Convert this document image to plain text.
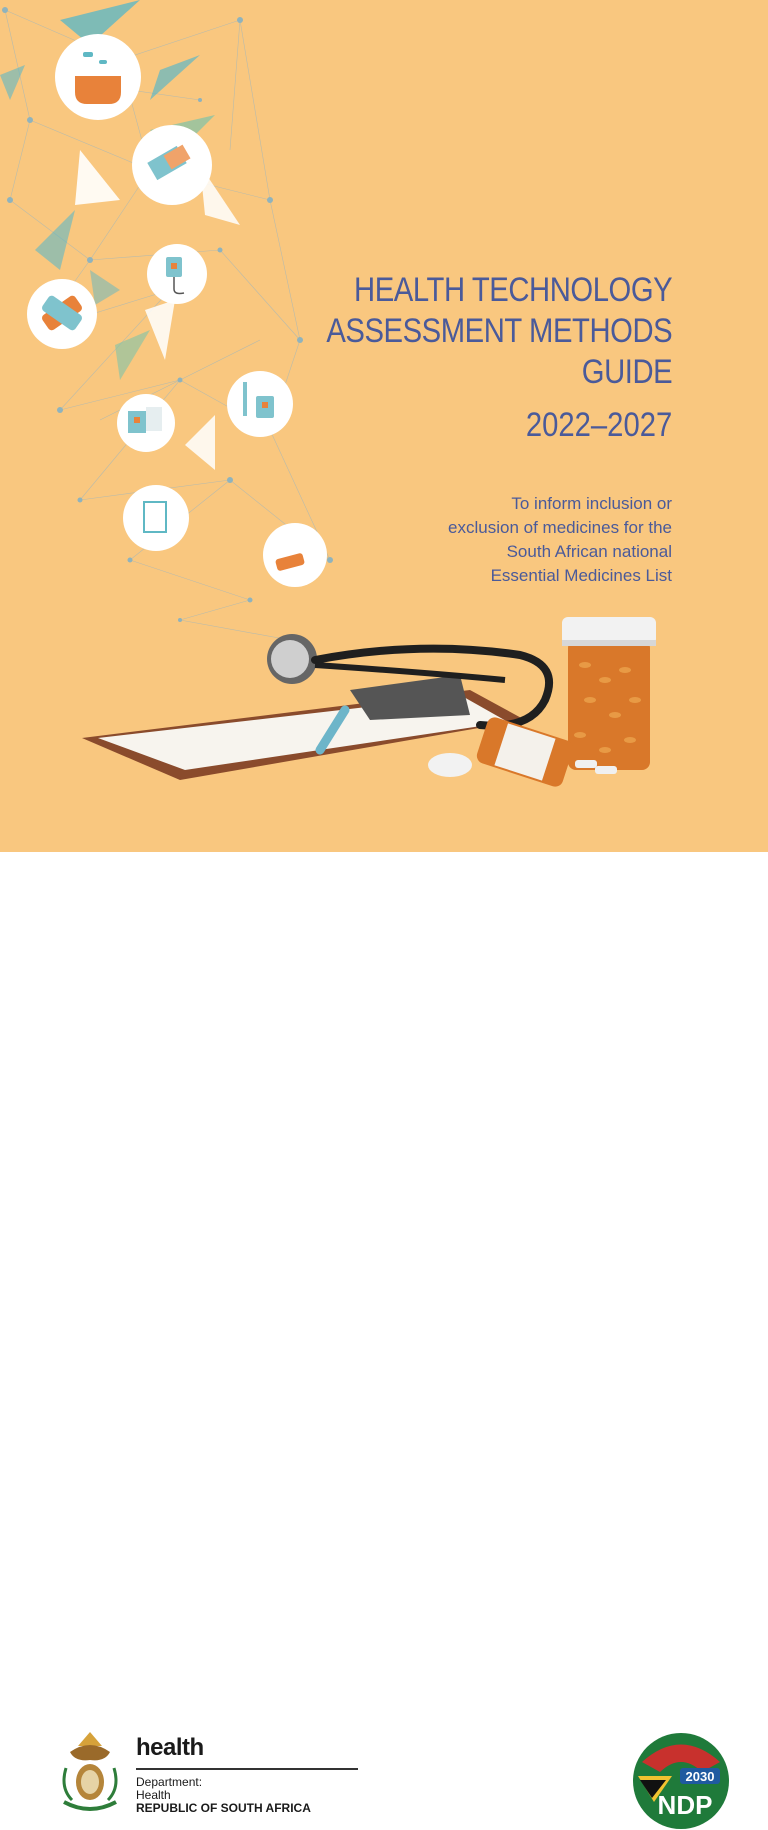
HEALTH TECHNOLOGY
ASSESSMENT METHODS
GUIDE
2022–2027
To inform inclusion or
exclusion of medicines for the
South African national
Essential Medicines List
health
Department:
Health
REPUBLIC OF SOUTH AFRICA
2030
NDP
